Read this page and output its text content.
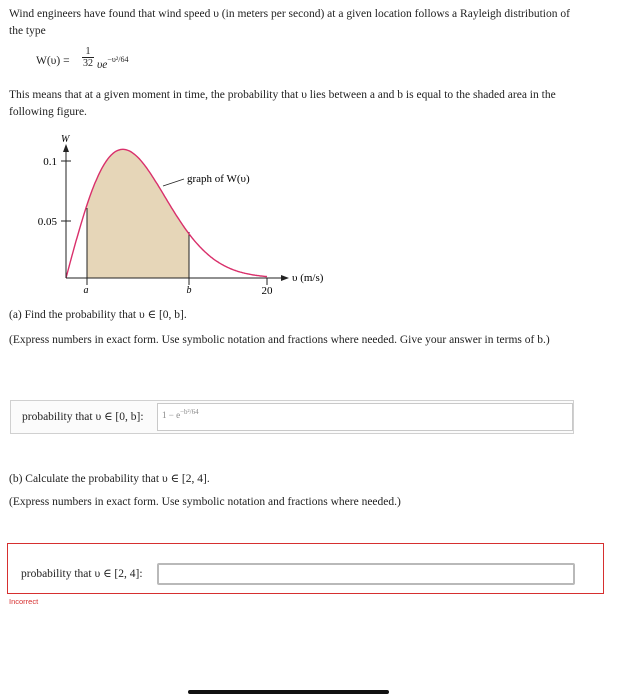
Wind engineers have found that wind speed υ (in meters per second) at a given location follows a Rayleigh distribution of
the type

W(υ) =
1
32 $\upsilon e^{-\upsilon^2/64}$

This means that at a given moment in time, the probability that υ lies between a and b is equal to the shaded area in the
following figure.

W
0.1
0.05
a	b	20
υ (m/s)
graph of W(υ)

(a) Find the probability that υ ∈ [0, b].

(Express numbers in exact form. Use symbolic notation and fractions where needed. Give your answer in terms of b.)

probability that υ ∈ [0, b]: $1 - e^{-b^2/64}$

(b) Calculate the probability that υ ∈ [2, 4].

(Express numbers in exact form. Use symbolic notation and fractions where needed.)

probability that υ ∈ [2, 4]:
Incorrect
